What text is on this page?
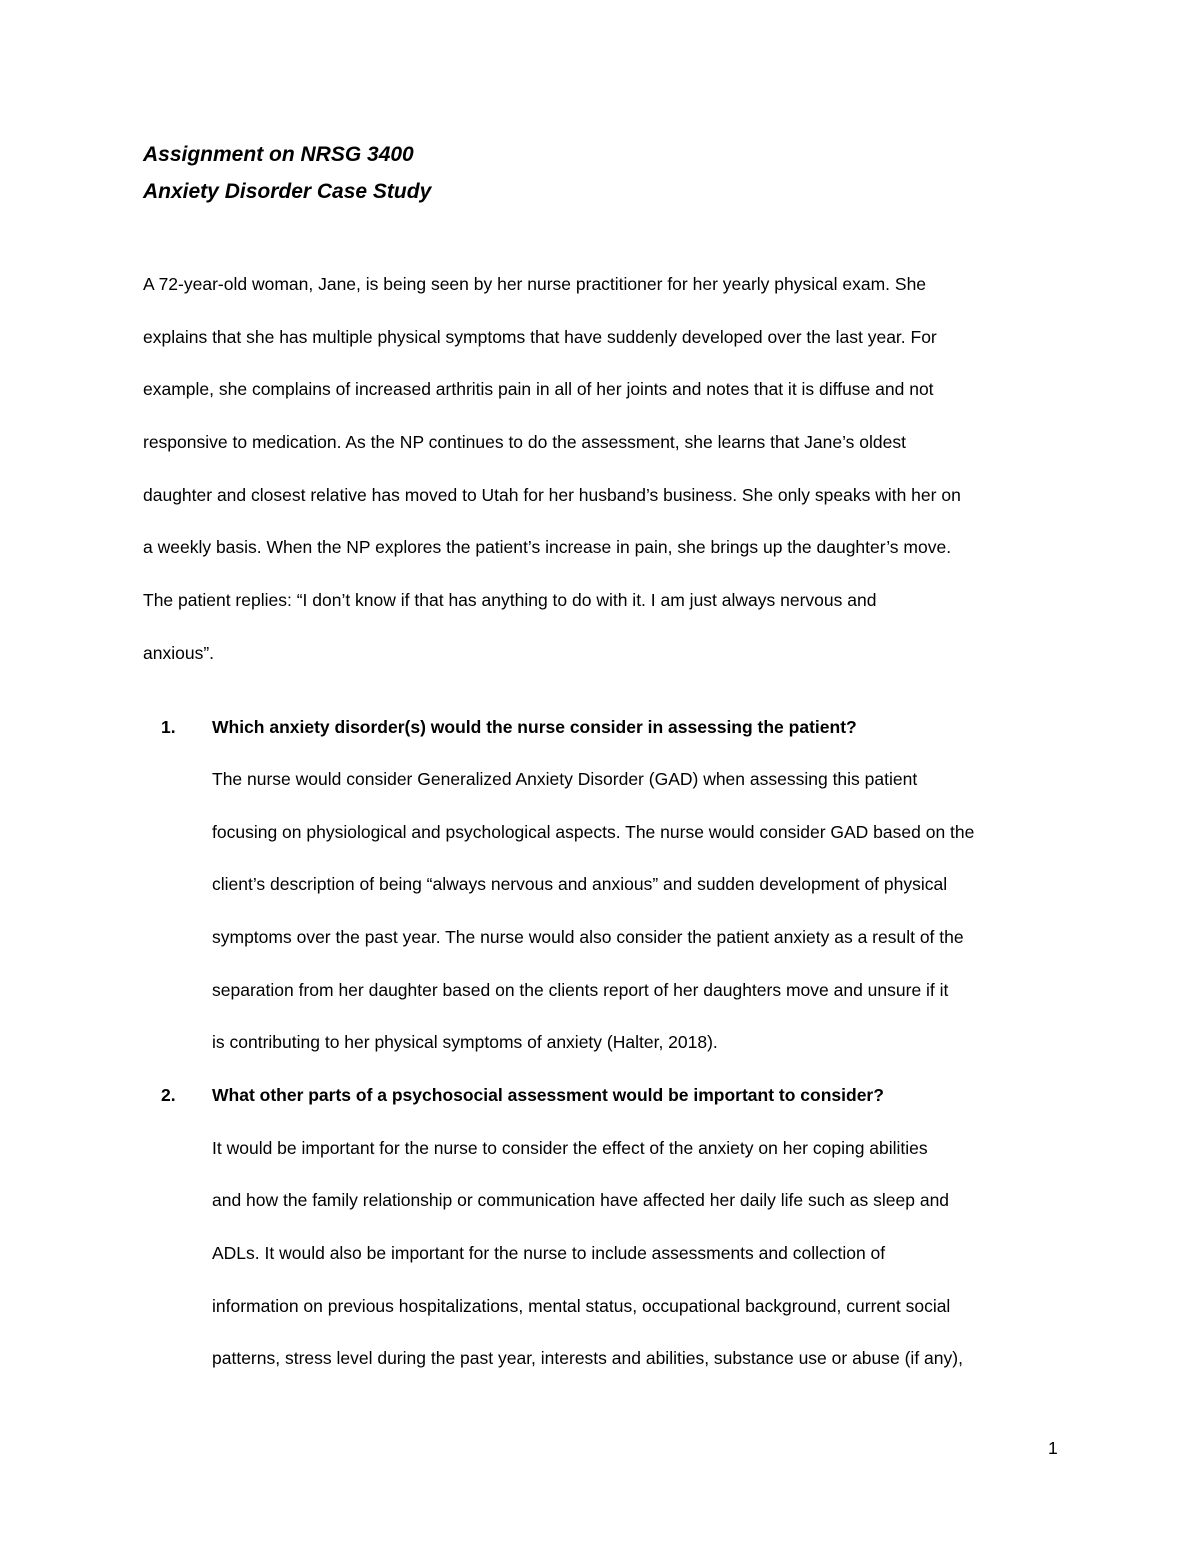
Assignment on NRSG 3400
Anxiety Disorder Case Study
A 72-year-old woman, Jane, is being seen by her nurse practitioner for her yearly physical exam. She
explains that she has multiple physical symptoms that have suddenly developed over the last year. For
example, she complains of increased arthritis pain in all of her joints and notes that it is diffuse and not
responsive to medication. As the NP continues to do the assessment, she learns that Jane’s oldest
daughter and closest relative has moved to Utah for her husband’s business. She only speaks with her on
a weekly basis. When the NP explores the patient’s increase in pain, she brings up the daughter’s move.
The patient replies: “I don’t know if that has anything to do with it. I am just always nervous and
anxious”.
1. Which anxiety disorder(s) would the nurse consider in assessing the patient?
The nurse would consider Generalized Anxiety Disorder (GAD) when assessing this patient
focusing on physiological and psychological aspects. The nurse would consider GAD based on the
client’s description of being “always nervous and anxious” and sudden development of physical
symptoms over the past year. The nurse would also consider the patient anxiety as a result of the
separation from her daughter based on the clients report of her daughters move and unsure if it
is contributing to her physical symptoms of anxiety (Halter, 2018).
2. What other parts of a psychosocial assessment would be important to consider?
It would be important for the nurse to consider the effect of the anxiety on her coping abilities
and how the family relationship or communication have affected her daily life such as sleep and
ADLs. It would also be important for the nurse to include assessments and collection of
information on previous hospitalizations, mental status, occupational background, current social
patterns, stress level during the past year, interests and abilities, substance use or abuse (if any),
1
